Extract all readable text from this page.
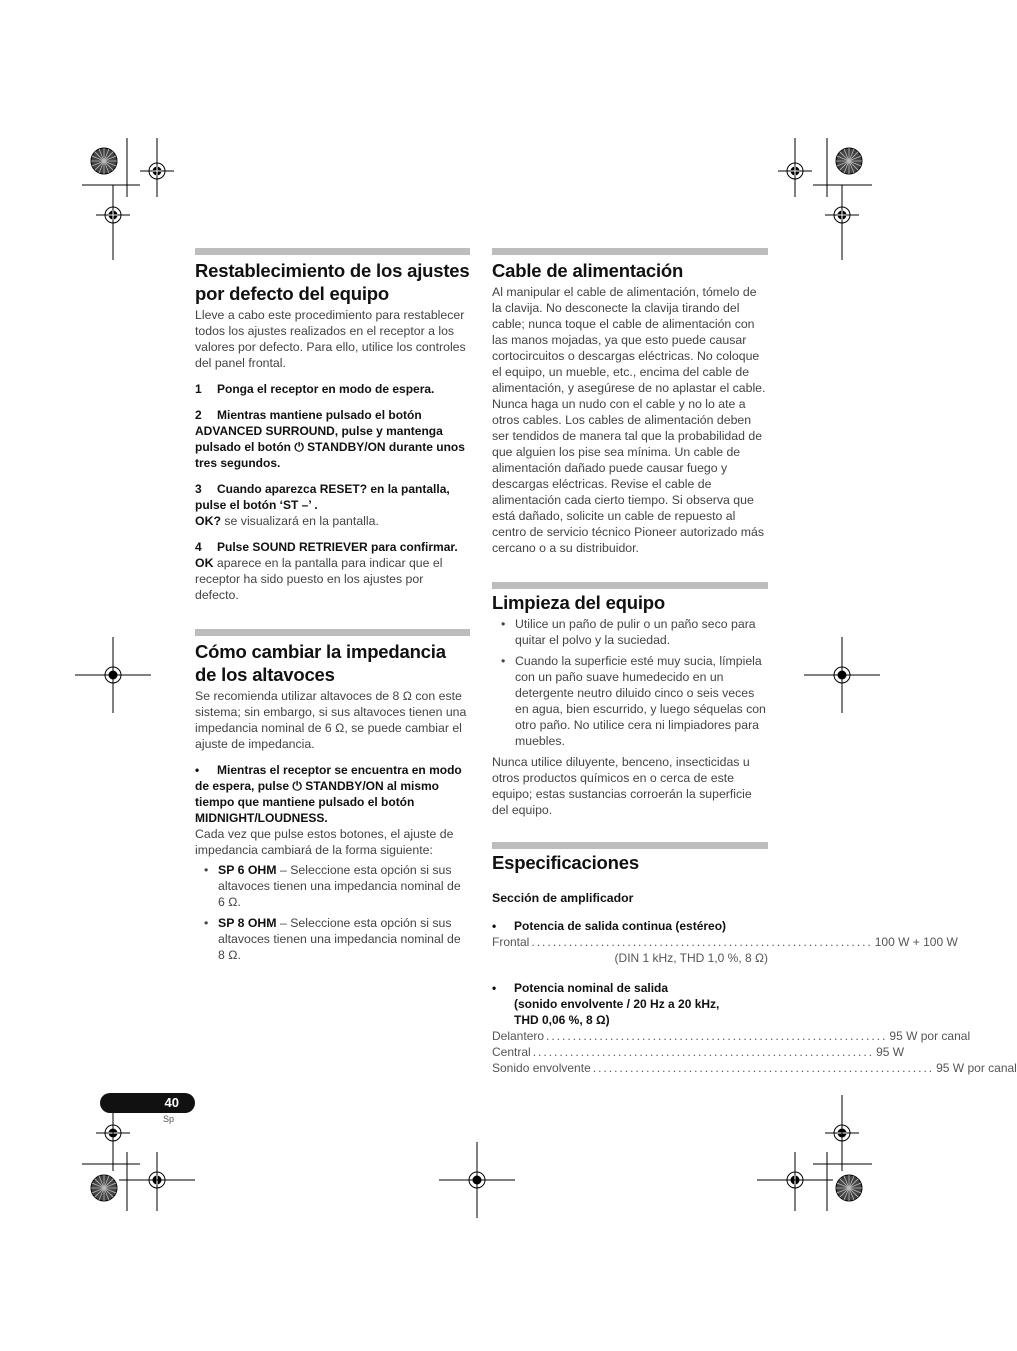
Restablecimiento de los ajustes por defecto del equipo

Lleve a cabo este procedimiento para restablecer todos los ajustes realizados en el receptor a los valores por defecto. Para ello, utilice los controles del panel frontal.

1 Ponga el receptor en modo de espera.
2 Mientras mantiene pulsado el botón ADVANCED SURROUND, pulse y mantenga pulsado el botón ⏻ STANDBY/ON durante unos tres segundos.
3 Cuando aparezca RESET? en la pantalla, pulse el botón ‘ST –’ .

OK? se visualizará en la pantalla.

4 Pulse SOUND RETRIEVER para confirmar.

OK aparece en la pantalla para indicar que el receptor ha sido puesto en los ajustes por defecto.

Cómo cambiar la impedancia de los altavoces

Se recomienda utilizar altavoces de 8 Ω con este sistema; sin embargo, si sus altavoces tienen una impedancia nominal de 6 Ω, se puede cambiar el ajuste de impedancia.

• Mientras el receptor se encuentra en modo de espera, pulse ⏻ STANDBY/ON al mismo tiempo que mantiene pulsado el botón MIDNIGHT/LOUDNESS.

Cada vez que pulse estos botones, el ajuste de impedancia cambiará de la forma siguiente:

• SP 6 OHM – Seleccione esta opción si sus altavoces tienen una impedancia nominal de 6 Ω.
• SP 8 OHM – Seleccione esta opción si sus altavoces tienen una impedancia nominal de 8 Ω.
Cable de alimentación

Al manipular el cable de alimentación, tómelo de la clavija. No desconecte la clavija tirando del cable; nunca toque el cable de alimentación con las manos mojadas, ya que esto puede causar cortocircuitos o descargas eléctricas. No coloque el equipo, un mueble, etc., encima del cable de alimentación, y asegúrese de no aplastar el cable. Nunca haga un nudo con el cable y no lo ate a otros cables. Los cables de alimentación deben ser tendidos de manera tal que la probabilidad de que alguien los pise sea mínima. Un cable de alimentación dañado puede causar fuego y descargas eléctricas. Revise el cable de alimentación cada cierto tiempo. Si observa que está dañado, solicite un cable de repuesto al centro de servicio técnico Pioneer autorizado más cercano o a su distribuidor.

Limpieza del equipo
• Utilice un paño de pulir o un paño seco para quitar el polvo y la suciedad.
• Cuando la superficie esté muy sucia, límpiela con un paño suave humedecido en un detergente neutro diluido cinco o seis veces en agua, bien escurrido, y luego séquelas con otro paño. No utilice cera ni limpiadores para muebles.

Nunca utilice diluyente, benceno, insecticidas u otros productos químicos en o cerca de este equipo; estas sustancias corroerán la superficie del equipo.

Especificaciones
Sección de amplificador
• Potencia de salida continua (estéreo)
Frontal ................................................................ 100 W + 100 W
(DIN 1 kHz, THD 1,0 %, 8 Ω)
• Potencia nominal de salida
(sonido envolvente / 20 Hz a 20 kHz,
THD 0,06 %, 8 Ω)
Delantero ................................................................ 95 W por canal
Central ................................................................ 95 W
Sonido envolvente ................................................................ 95 W por canal
40
Sp
